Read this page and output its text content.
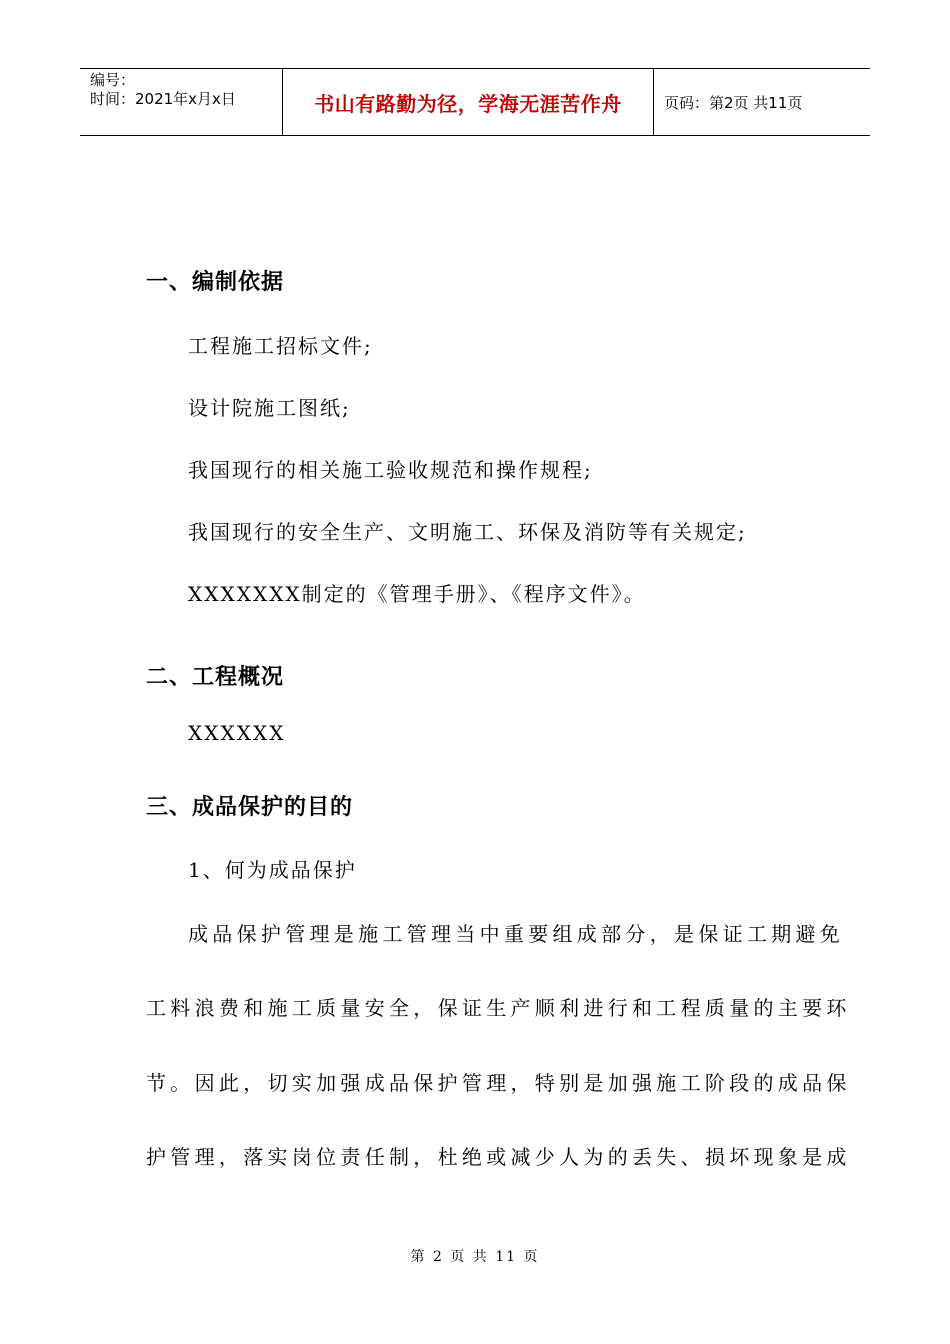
编号：
时间：2021年x月x日	书山有路勤为径，学海无涯苦作舟	页码：第2页 共11页
一、编制依据
工程施工招标文件;
设计院施工图纸;
我国现行的相关施工验收规范和操作规程;
我国现行的安全生产、文明施工、环保及消防等有关规定;
XXXXXXX制定的《管理手册》、《程序文件》。
二、工程概况
XXXXXX
三、成品保护的目的
1、何为成品保护
成品保护管理是施工管理当中重要组成部分，是保证工期避免
工料浪费和施工质量安全，保证生产顺利进行和工程质量的主要环
节。因此，切实加强成品保护管理，特别是加强施工阶段的成品保
护管理，落实岗位责任制，杜绝或减少人为的丢失、损坏现象是成
第 2 页 共 11 页
